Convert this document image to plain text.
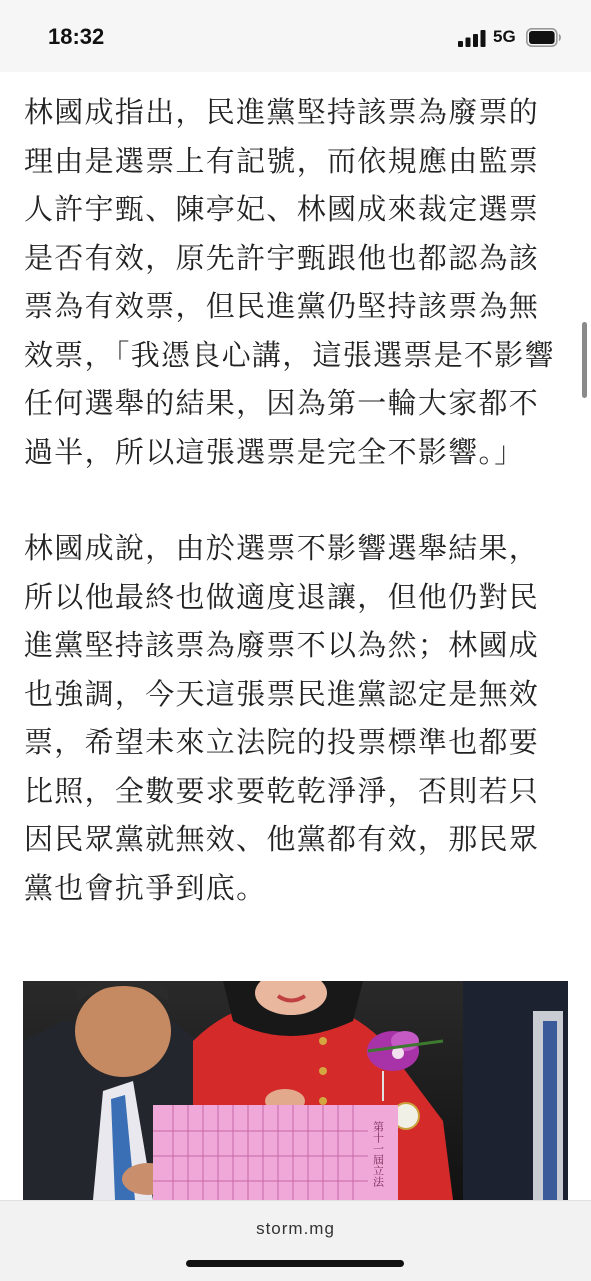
18:32	5G

林國成指出，民進黨堅持該票為廢票的理由是選票上有記號，而依規應由監票人許宇甄、陳亭妃、林國成來裁定選票是否有效，原先許宇甄跟他也都認為該票為有效票，但民進黨仍堅持該票為無效票，「我憑良心講，這張選票是不影響任何選舉的結果，因為第一輪大家都不過半，所以這張選票是完全不影響。」

林國成說，由於選票不影響選舉結果，所以他最終也做適度退讓，但他仍對民進黨堅持該票為廢票不以為然；林國成也強調，今天這張票民進黨認定是無效票，希望未來立法院的投票標準也都要比照，全數要求要乾乾淨淨，否則若只因民眾黨就無效、他黨都有效，那民眾黨也會抗爭到底。

第十一屆立法
storm.mg
